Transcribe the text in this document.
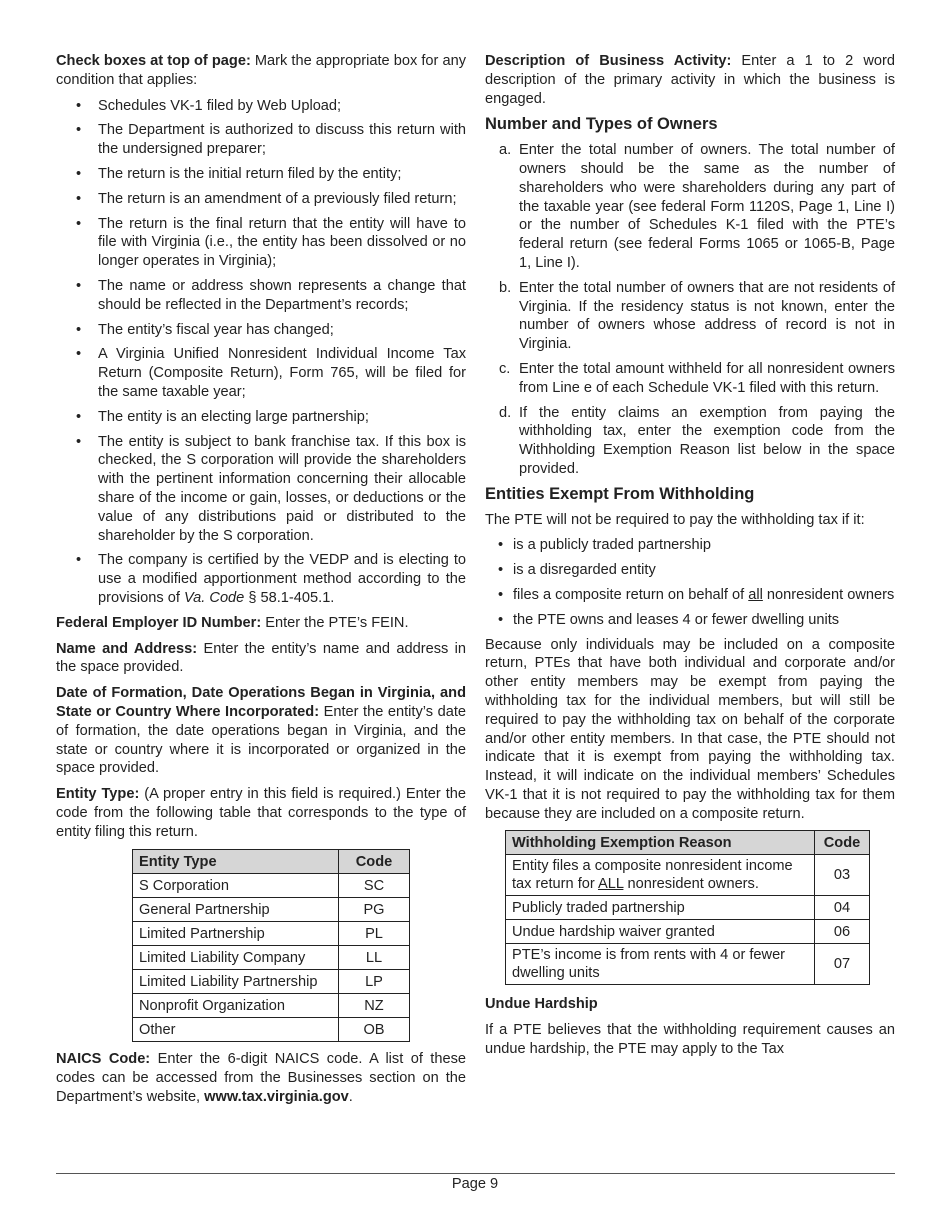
Check boxes at top of page: Mark the appropriate box for any condition that applies:

• Schedules VK-1 filed by Web Upload;
• The Department is authorized to discuss this return with the undersigned preparer;
• The return is the initial return filed by the entity;
• The return is an amendment of a previously filed return;
• The return is the final return that the entity will have to file with Virginia (i.e., the entity has been dissolved or no longer operates in Virginia);
• The name or address shown represents a change that should be reflected in the Department’s records;
• The entity’s fiscal year has changed;
• A Virginia Unified Nonresident Individual Income Tax Return (Composite Return), Form 765, will be filed for the same taxable year;
• The entity is an electing large partnership;
• The entity is subject to bank franchise tax. If this box is checked, the S corporation will provide the shareholders with the pertinent information concerning their allocable share of the income or gain, losses, or deductions or the value of any distributions paid or distributed to the shareholder by the S corporation.
• The company is certified by the VEDP and is electing to use a modified apportionment method according to the provisions of Va. Code § 58.1-405.1.

Federal Employer ID Number: Enter the PTE’s FEIN.

Name and Address: Enter the entity’s name and address in the space provided.

Date of Formation, Date Operations Began in Virginia, and State or Country Where Incorporated: Enter the entity’s date of formation, the date operations began in Virginia, and the state or country where it is incorporated or organized in the space provided.

Entity Type: (A proper entry in this field is required.) Enter the code from the following table that corresponds to the type of entity filing this return.

Entity Type	Code
S Corporation	SC
General Partnership	PG
Limited Partnership	PL
Limited Liability Company	LL
Limited Liability Partnership	LP
Nonprofit Organization	NZ
Other	OB

NAICS Code: Enter the 6-digit NAICS code. A list of these codes can be accessed from the Businesses section on the Department’s website, www.tax.virginia.gov.

Description of Business Activity: Enter a 1 to 2 word description of the primary activity in which the business is engaged.

Number and Types of Owners
a. Enter the total number of owners. The total number of owners should be the same as the number of shareholders who were shareholders during any part of the taxable year (see federal Form 1120S, Page 1, Line I) or the number of Schedules K-1 filed with the PTE’s federal return (see federal Forms 1065 or 1065-B, Page 1, Line I).
b. Enter the total number of owners that are not residents of Virginia. If the residency status is not known, enter the number of owners whose address of record is not in Virginia.
c. Enter the total amount withheld for all nonresident owners from Line e of each Schedule VK-1 filed with this return.
d. If the entity claims an exemption from paying the withholding tax, enter the exemption code from the Withholding Exemption Reason list below in the space provided.
Entities Exempt From Withholding

The PTE will not be required to pay the withholding tax if it:

• is a publicly traded partnership
• is a disregarded entity
• files a composite return on behalf of all nonresident owners
• the PTE owns and leases 4 or fewer dwelling units

Because only individuals may be included on a composite return, PTEs that have both individual and corporate and/or other entity members may be exempt from paying the withholding tax for the individual members, but will still be required to pay the withholding tax on behalf of the corporate and/or other entity members. In that case, the PTE should not indicate that it is exempt from paying the withholding tax. Instead, it will indicate on the individual members’ Schedules VK-1 that it is not required to pay the withholding tax for them because they are included on a composite return.

Withholding Exemption Reason	Code
Entity files a composite nonresident income tax return for ALL nonresident owners.	03
Publicly traded partnership	04
Undue hardship waiver granted	06
PTE’s income is from rents with 4 or fewer dwelling units	07
Undue Hardship

If a PTE believes that the withholding requirement causes an undue hardship, the PTE may apply to the Tax

Page 9
